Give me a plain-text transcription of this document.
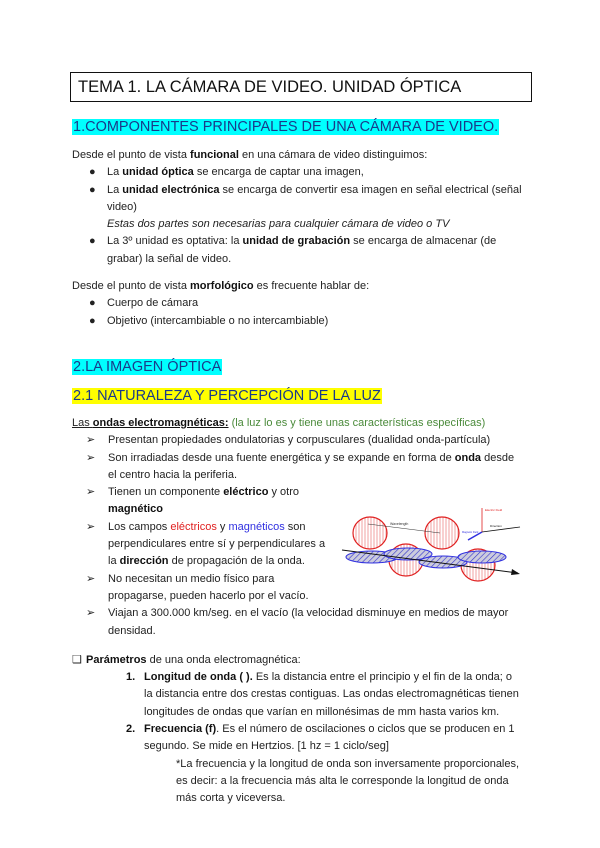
TEMA 1. LA CÁMARA DE VIDEO. UNIDAD ÓPTICA
1.COMPONENTES PRINCIPALES DE UNA CÁMARA DE VIDEO.
Desde el punto de vista funcional en una cámara de video distinguimos:
● La unidad óptica se encarga de captar una imagen,
● La unidad electrónica se encarga de convertir esa imagen en señal electrical (señal
video)
Estas dos partes son necesarias para cualquier cámara de video o TV
● La 3º unidad es optativa: la unidad de grabación se encarga de almacenar (de
grabar) la señal de video.
Desde el punto de vista morfológico es frecuente hablar de:
● Cuerpo de cámara
● Objetivo (intercambiable o no intercambiable)
2.LA IMAGEN ÓPTICA
2.1 NATURALEZA Y PERCEPCIÓN DE LA LUZ
Las ondas electromagnéticas: (la luz lo es y tiene unas características específicas)
➢ Presentan propiedades ondulatorias y corpusculares (dualidad onda-partícula)
➢ Son irradiadas desde una fuente energética y se expande en forma de onda desde
el centro hacia la periferia.
➢ Tienen un componente eléctrico y otro
magnético
➢ Los campos eléctricos y magnéticos son
perpendiculares entre sí y perpendiculares a
la dirección de propagación de la onda.
➢ No necesitan un medio físico para
propagarse, pueden hacerlo por el vacío.
➢ Viajan a 300.000 km/seg. en el vacío (la velocidad disminuye en medios de mayor
densidad.
❑ Parámetros de una onda electromagnética:
1. Longitud de onda ( ). Es la distancia entre el principio y el fin de la onda; o
la distancia entre dos crestas contiguas. Las ondas electromagnéticas tienen
longitudes de ondas que varían en millonésimas de mm hasta varios km.
2. Frecuencia (f). Es el número de oscilaciones o ciclos que se producen en 1
segundo. Se mide en Hertzios. [1 hz = 1 ciclo/seg]
*La frecuencia y la longitud de onda son inversamente proporcionales,
es decir: a la frecuencia más alta le corresponde la longitud de onda
más corta y viceversa.
Wavelength
Electric Field
Direction
Magnetic Field
